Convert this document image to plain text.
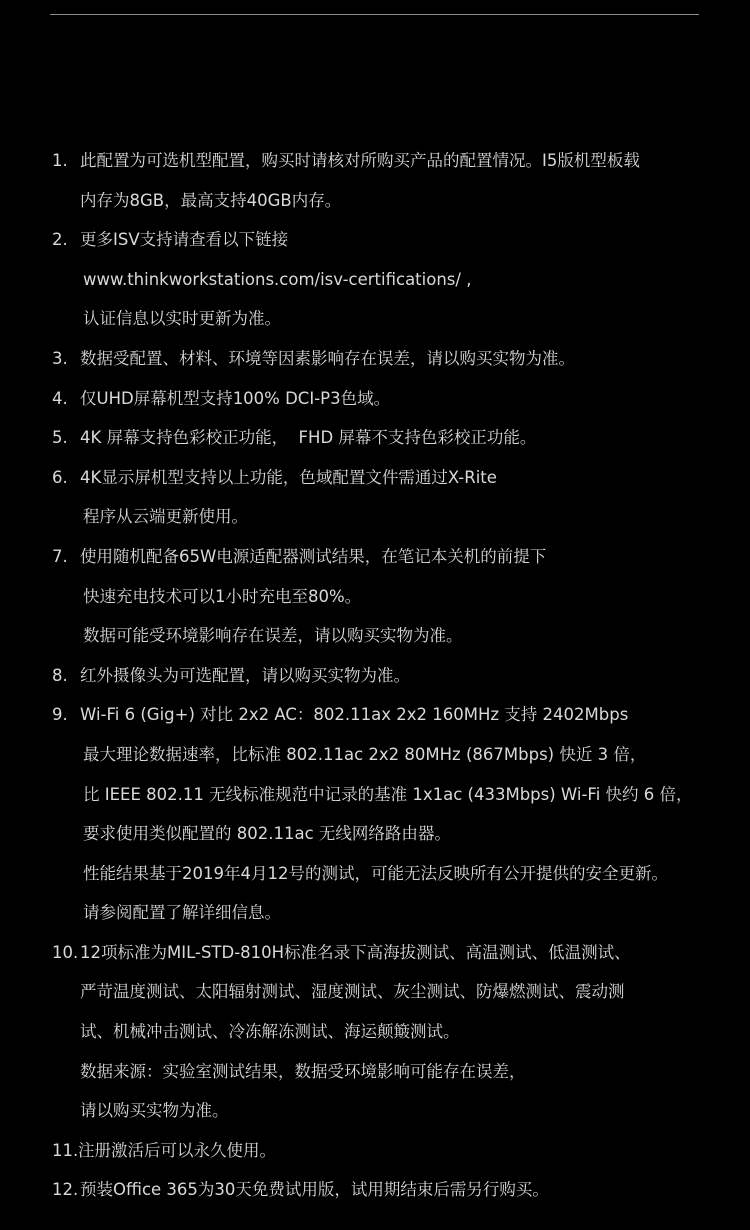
1. 此配置为可选机型配置，购买时请核对所购买产品的配置情况。I5版机型板载
内存为8GB，最高支持40GB内存。
2. 更多ISV支持请查看以下链接
www.thinkworkstations.com/isv-certifications/ ,
认证信息以实时更新为准。
3. 数据受配置、材料、环境等因素影响存在误差，请以购买实物为准。
4. 仅UHD屏幕机型支持100% DCI-P3色域。
5. 4K 屏幕支持色彩校正功能，  FHD 屏幕不支持色彩校正功能。
6. 4K显示屏机型支持以上功能，色域配置文件需通过X-Rite
程序从云端更新使用。
7. 使用随机配备65W电源适配器测试结果，在笔记本关机的前提下
快速充电技术可以1小时充电至80%。
数据可能受环境影响存在误差，请以购买实物为准。
8. 红外摄像头为可选配置，请以购买实物为准。
9. Wi-Fi 6 (Gig+) 对比 2x2 AC：802.11ax 2x2 160MHz 支持 2402Mbps
最大理论数据速率，比标准 802.11ac 2x2 80MHz (867Mbps) 快近 3 倍，
比 IEEE 802.11 无线标准规范中记录的基准 1x1ac (433Mbps) Wi-Fi 快约 6 倍，
要求使用类似配置的 802.11ac 无线网络路由器。
性能结果基于2019年4月12号的测试，可能无法反映所有公开提供的安全更新。
请参阅配置了解详细信息。
10. 12项标准为MIL-STD-810H标准名录下高海拔测试、高温测试、低温测试、
严苛温度测试、太阳辐射测试、湿度测试、灰尘测试、防爆燃测试、震动测
试、机械冲击测试、冷冻解冻测试、海运颠簸测试。
数据来源：实验室测试结果，数据受环境影响可能存在误差，
请以购买实物为准。
11. 注册激活后可以永久使用。
12. 预装Office 365为30天免费试用版，试用期结束后需另行购买。
